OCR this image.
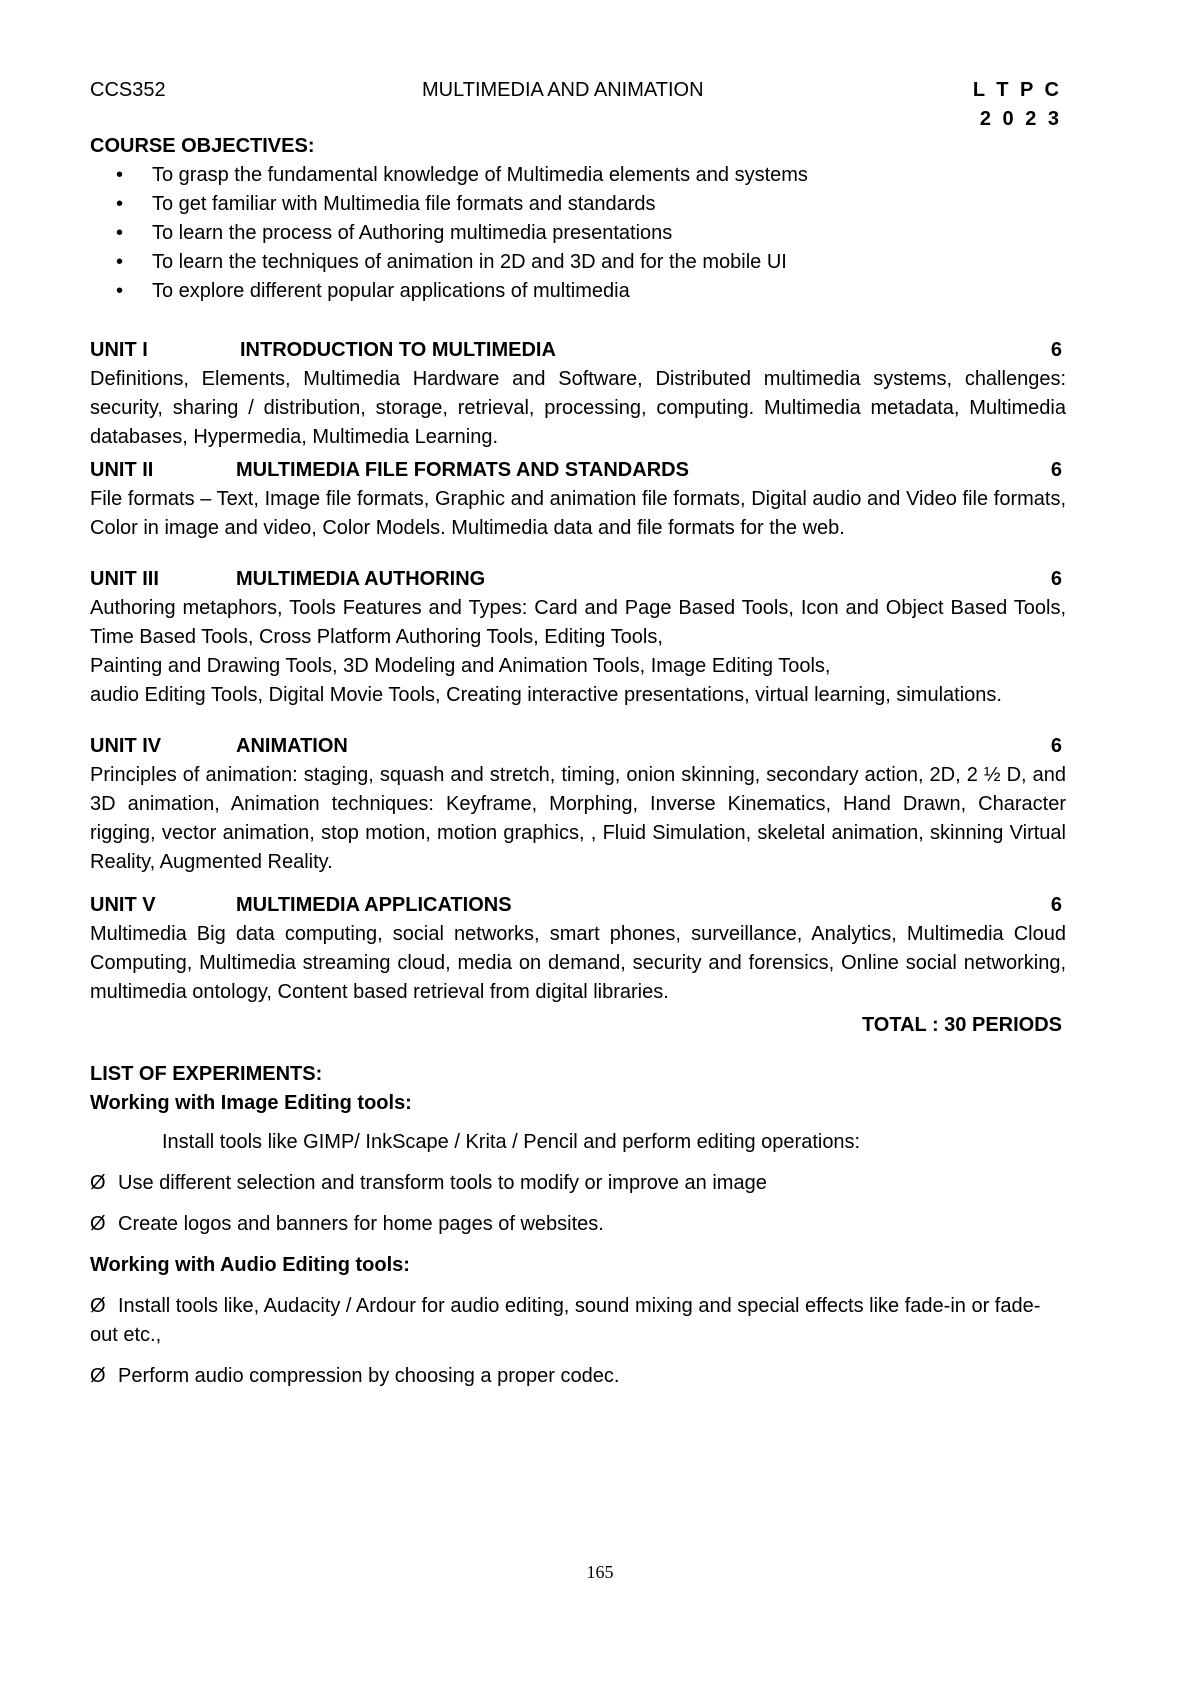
CCS352	MULTIMEDIA AND ANIMATION	L T P C
2 0 2 3
COURSE OBJECTIVES:
• To grasp the fundamental knowledge of Multimedia elements and systems
• To get familiar with Multimedia file formats and standards
• To learn the process of Authoring multimedia presentations
• To learn the techniques of animation in 2D and 3D and for the mobile UI
• To explore different popular applications of multimedia
UNIT I	INTRODUCTION TO MULTIMEDIA	6

Definitions, Elements, Multimedia Hardware and Software, Distributed multimedia systems, challenges: security, sharing / distribution, storage, retrieval, processing, computing. Multimedia metadata, Multimedia databases, Hypermedia, Multimedia Learning.

UNIT II	MULTIMEDIA FILE FORMATS AND STANDARDS	6

File formats – Text, Image file formats, Graphic and animation file formats, Digital audio and Video file formats, Color in image and video, Color Models. Multimedia data and file formats for the web.

UNIT III	MULTIMEDIA AUTHORING	6

Authoring metaphors, Tools Features and Types: Card and Page Based Tools, Icon and Object Based Tools, Time Based Tools, Cross Platform Authoring Tools, Editing Tools,

Painting and Drawing Tools, 3D Modeling and Animation Tools, Image Editing Tools,

audio Editing Tools, Digital Movie Tools, Creating interactive presentations, virtual learning, simulations.

UNIT IV	ANIMATION	6

Principles of animation: staging, squash and stretch, timing, onion skinning, secondary action, 2D, 2 ½ D, and 3D animation, Animation techniques: Keyframe, Morphing, Inverse Kinematics, Hand Drawn, Character rigging, vector animation, stop motion, motion graphics, , Fluid Simulation, skeletal animation, skinning Virtual Reality, Augmented Reality.

UNIT V	MULTIMEDIA APPLICATIONS	6

Multimedia Big data computing, social networks, smart phones, surveillance, Analytics, Multimedia Cloud Computing, Multimedia streaming cloud, media on demand, security and forensics, Online social networking, multimedia ontology, Content based retrieval from digital libraries.

TOTAL : 30 PERIODS
LIST OF EXPERIMENTS:
Working with Image Editing tools:
Install tools like GIMP/ InkScape / Krita / Pencil and perform editing operations:
Ø Use different selection and transform tools to modify or improve an image
Ø Create logos and banners for home pages of websites.
Working with Audio Editing tools:
Ø Install tools like, Audacity / Ardour for audio editing, sound mixing and special effects like fade-in or fade-out etc.,
Ø Perform audio compression by choosing a proper codec.
165
